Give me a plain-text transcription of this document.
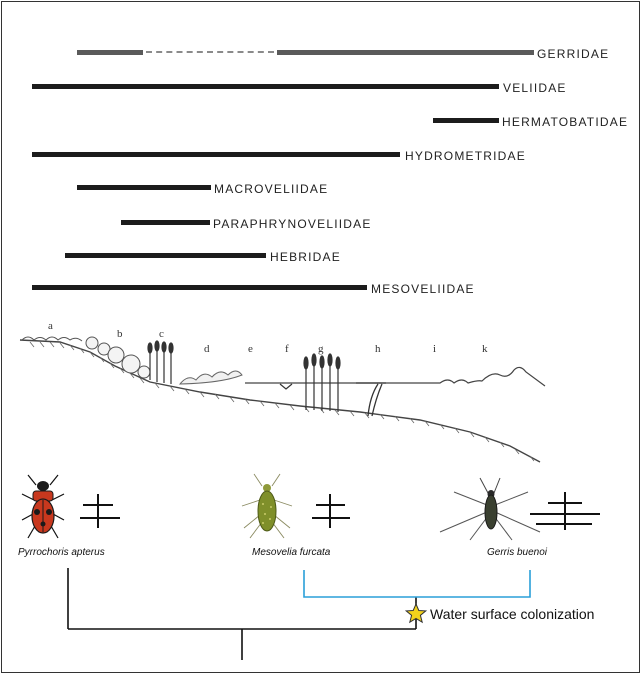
GERRIDAE
VELIIDAE
HERMATOBATIDAE
HYDROMETRIDAE
MACROVELIIDAE
PARAPHRYNOVELIIDAE
HEBRIDAE
MESOVELIIDAE
a
b	c
d	e	f	g	h	i	k
Pyrrochoris apterus	Mesovelia furcata	Gerris buenoi
Water surface colonization
